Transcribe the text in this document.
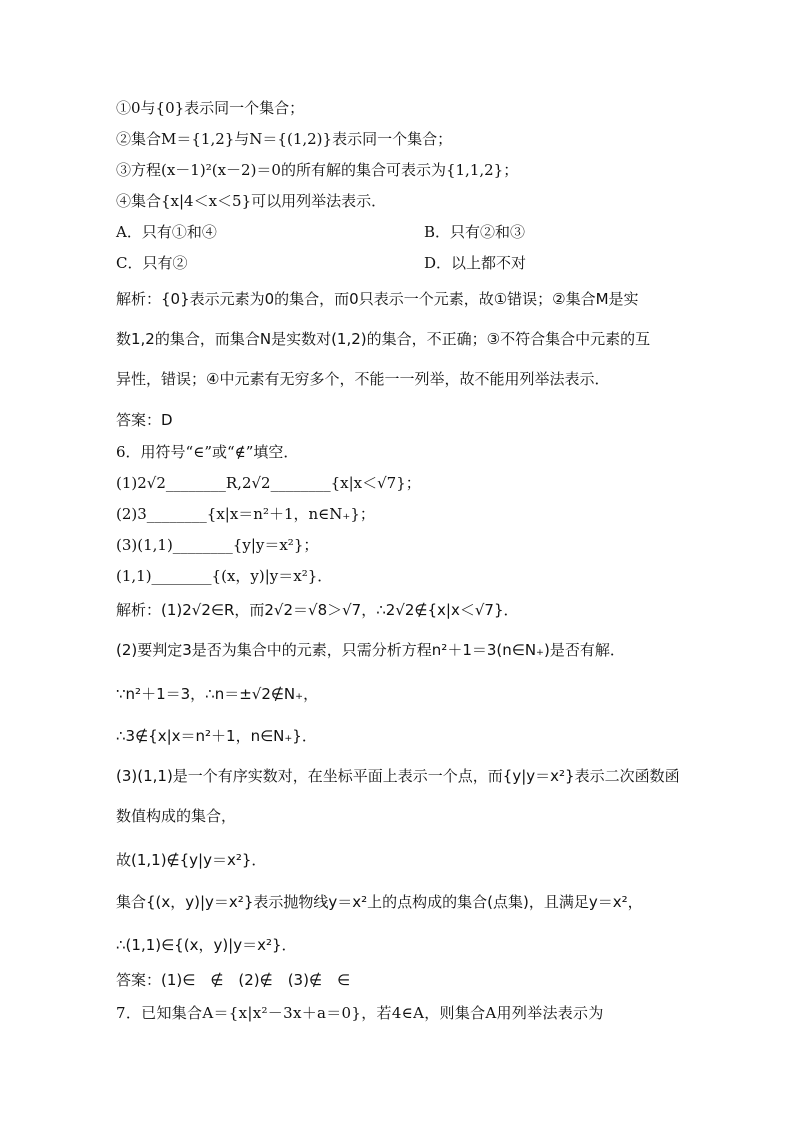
①0与{0}表示同一个集合；
②集合M＝{1,2}与N＝{(1,2)}表示同一个集合；
③方程(x－1)²(x－2)＝0的所有解的集合可表示为{1,1,2}；
④集合{x|4＜x＜5}可以用列举法表示．
A．只有①和④	B．只有②和③
C．只有②	D．以上都不对
解析：{0}表示元素为0的集合，而0只表示一个元素，故①错误；②集合M是实
数1,2的集合，而集合N是实数对(1,2)的集合，不正确；③不符合集合中元素的互
异性，错误；④中元素有无穷多个，不能一一列举，故不能用列举法表示．
答案：D
6．用符号“∈”或“∉”填空．
(1)2√2________R,2√2________{x|x＜√7}；
(2)3________{x|x＝n²＋1，n∈N₊}；
(3)(1,1)________{y|y＝x²}；
(1,1)________{(x，y)|y＝x²}．
解析：(1)2√2∈R，而2√2＝√8＞√7，∴2√2∉{x|x＜√7}．
(2)要判定3是否为集合中的元素，只需分析方程n²＋1＝3(n∈N₊)是否有解．
∵n²＋1＝3，∴n＝±√2∉N₊，
∴3∉{x|x＝n²＋1，n∈N₊}．
(3)(1,1)是一个有序实数对，在坐标平面上表示一个点，而{y|y＝x²}表示二次函数函
数值构成的集合，
故(1,1)∉{y|y＝x²}．
集合{(x，y)|y＝x²}表示抛物线y＝x²上的点构成的集合(点集)，且满足y＝x²，
∴(1,1)∈{(x，y)|y＝x²}．
答案：(1)∈　∉　(2)∉　(3)∉　∈
7．已知集合A＝{x|x²－3x＋a＝0}，若4∈A，则集合A用列举法表示为
